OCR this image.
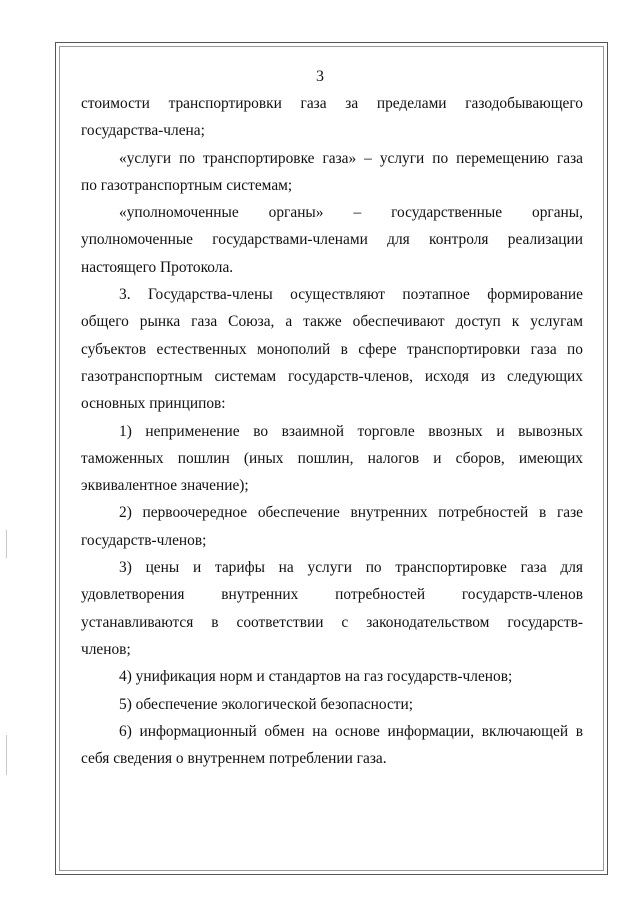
3
стоимости транспортировки газа за пределами газодобывающего
государства-члена;
«услуги по транспортировке газа» – услуги по перемещению газа
по газотранспортным системам;
«уполномоченные органы» – государственные органы,
уполномоченные государствами-членами для контроля реализации
настоящего Протокола.
3. Государства-члены осуществляют поэтапное формирование
общего рынка газа Союза, а также обеспечивают доступ к услугам
субъектов естественных монополий в сфере транспортировки газа по
газотранспортным системам государств-членов, исходя из следующих
основных принципов:
1) неприменение во взаимной торговле ввозных и вывозных
таможенных пошлин (иных пошлин, налогов и сборов, имеющих
эквивалентное значение);
2) первоочередное обеспечение внутренних потребностей в газе
государств-членов;
3) цены и тарифы на услуги по транспортировке газа для
удовлетворения внутренних потребностей государств-членов
устанавливаются в соответствии с законодательством государств-
членов;
4) унификация норм и стандартов на газ государств-членов;
5) обеспечение экологической безопасности;
6) информационный обмен на основе информации, включающей в
себя сведения о внутреннем потреблении газа.
